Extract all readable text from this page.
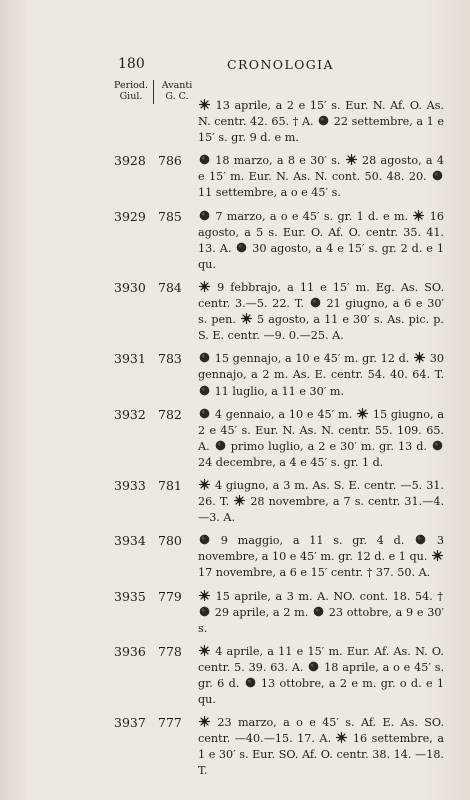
180	CRONOLOGIA
Period.
Giul.
Avanti
G. C.
13 aprile, a 2 e 15′ s. Eur. N. Af. O. As. N. centr. 42. 65. † A.
22 settembre, a 1 e 15′ s. gr. 9 d. e m.
3928 786	18 marzo, a 8 e 30′ s.
28 agosto, a 4 e 15′ m. Eur. N. As. N. cont. 50. 48. 20.
11 settembre, a o e 45′ s.
3929 785	7 marzo, a o e 45′ s. gr. 1 d. e m.
16 agosto, a 5 s. Eur. O. Af. O. centr. 35. 41. 13. A.
30 agosto, a 4 e 15′ s. gr. 2 d. e 1 qu.
3930 784	9 febbrajo, a 11 e 15′ m. Eg. As. SO. centr. 3.—5. 22. T.
21 giugno, a 6 e 30′ s. pen.
5 agosto, a 11 e 30′ s. As. pic. p. S. E. centr. —9. 0.—25. A.
3931 783	15 gennajo, a 10 e 45′ m. gr. 12 d.
30 gennajo, a 2 m. As. E. centr. 54. 40. 64. T.
11 luglio, a 11 e 30′ m.
3932 782	4 gennaio, a 10 e 45′ m.
15 giugno, a 2 e 45′ s. Eur. N. As. N. centr. 55. 109. 65. A.
primo luglio, a 2 e 30′ m. gr. 13 d.
24 decembre, a 4 e 45′ s. gr. 1 d.
3933 781	4 giugno, a 3 m. As. S. E. centr. —5. 31. 26. T.
28 novembre, a 7 s. centr. 31.—4.—3. A.
3934 780	9 maggio, a 11 s. gr. 4 d.
3 novembre, a 10 e 45′ m. gr. 12 d. e 1 qu.
17 novembre, a 6 e 15′ centr. † 37. 50. A.
3935 779	15 aprile, a 3 m. A. NO. cont. 18. 54. †
29 aprile, a 2 m.
23 ottobre, a 9 e 30′ s.
3936 778	4 aprile, a 11 e 15′ m. Eur. Af. As. N. O. centr. 5. 39. 63. A.
18 aprile, a o e 45′ s. gr. 6 d.
13 ottobre, a 2 e m. gr. o d. e 1 qu.
3937 777	23 marzo, a o e 45′ s. Af. E. As. SO. centr. —40.—15. 17. A.
16 settembre, a 1 e 30′ s. Eur. SO. Af. O. centr. 38. 14. —18. T.
